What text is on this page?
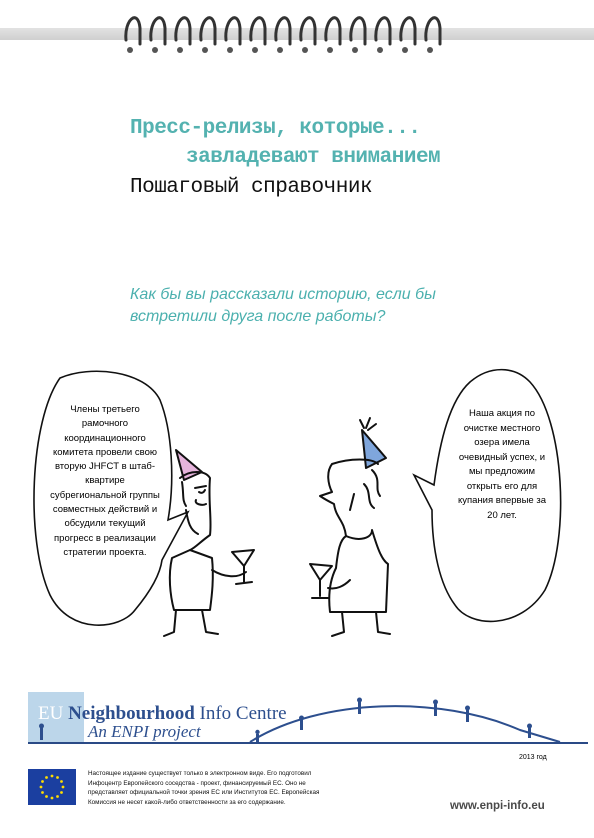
Пресс-релизы, которые...
завладевают вниманием
Пошаговый справочник
Как бы вы рассказали историю, если бы встретили друга после работы?
Члены третьего рамочного координационного комитета провели свою вторую JHFCT в штаб-квартире субрегиональной группы совместных действий и обсудили текущий прогресс в реализации стратегии проекта.
Наша акция по очистке местного озера имела очевидный успех, и мы предложим открыть его для купания впервые за 20 лет.
EU Neighbourhood Info Centre
An ENPI project
2013 год
Настоящее издание существует только в электронном виде. Его подготовил Инфоцентр Европейского соседства - проект, финансируемый ЕС. Оно не представляет официальной точки зрения ЕС или Институтов ЕС. Европейская Комиссия не несет какой-либо ответственности за его содержание.	www.enpi-info.eu
